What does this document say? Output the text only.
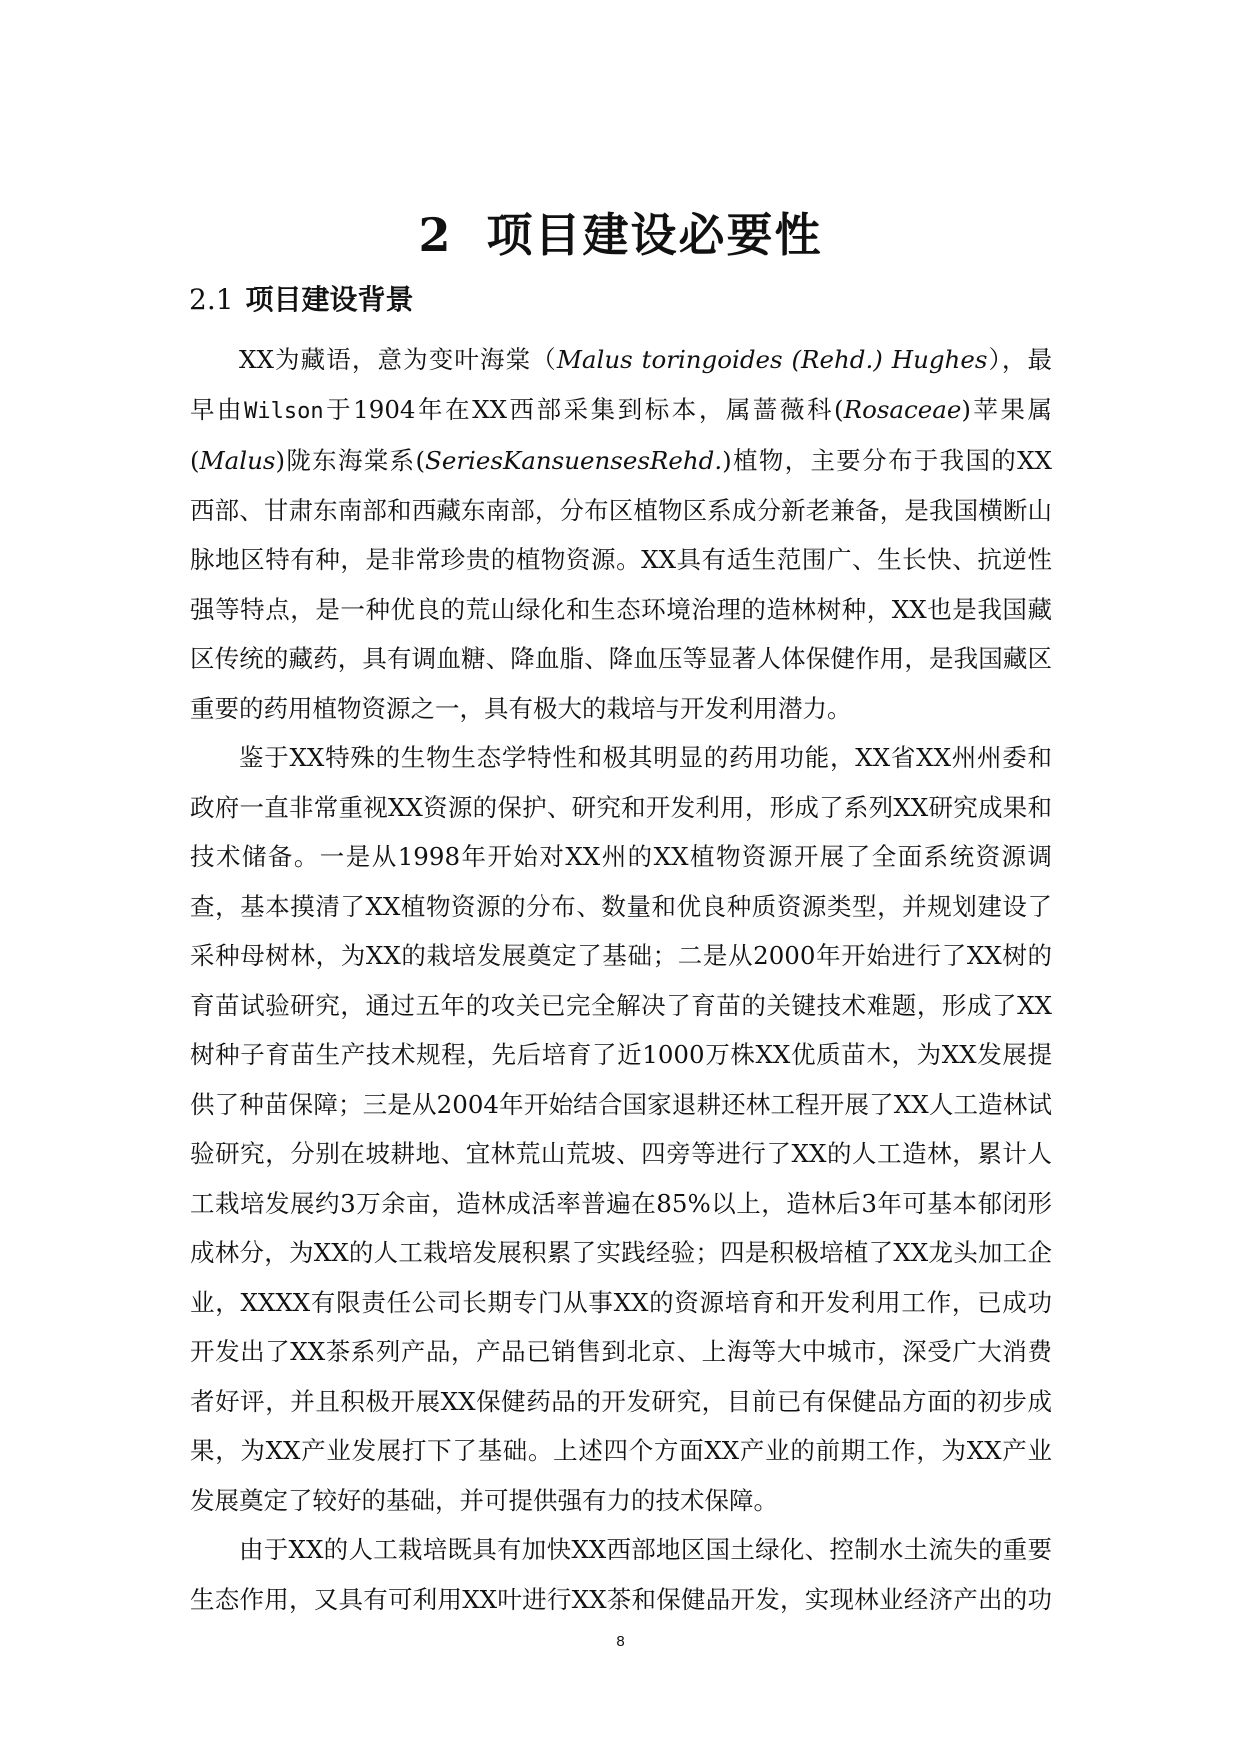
2 项目建设必要性
2.1 项目建设背景

XX为藏语，意为变叶海棠（Malus toringoides (Rehd.) Hughes），最早由Wilson于1904年在XX西部采集到标本，属蔷薇科(Rosaceae)苹果属(Malus)陇东海棠系(SeriesKansuensesRehd.)植物，主要分布于我国的XX西部、甘肃东南部和西藏东南部，分布区植物区系成分新老兼备，是我国横断山脉地区特有种，是非常珍贵的植物资源。XX具有适生范围广、生长快、抗逆性强等特点，是一种优良的荒山绿化和生态环境治理的造林树种，XX也是我国藏区传统的藏药，具有调血糖、降血脂、降血压等显著人体保健作用，是我国藏区重要的药用植物资源之一，具有极大的栽培与开发利用潜力。

鉴于XX特殊的生物生态学特性和极其明显的药用功能，XX省XX州州委和政府一直非常重视XX资源的保护、研究和开发利用，形成了系列XX研究成果和技术储备。一是从1998年开始对XX州的XX植物资源开展了全面系统资源调查，基本摸清了XX植物资源的分布、数量和优良种质资源类型，并规划建设了采种母树林，为XX的栽培发展奠定了基础；二是从2000年开始进行了XX树的育苗试验研究，通过五年的攻关已完全解决了育苗的关键技术难题，形成了XX树种子育苗生产技术规程，先后培育了近1000万株XX优质苗木，为XX发展提供了种苗保障；三是从2004年开始结合国家退耕还林工程开展了XX人工造林试验研究，分别在坡耕地、宜林荒山荒坡、四旁等进行了XX的人工造林，累计人工栽培发展约3万余亩，造林成活率普遍在85%以上，造林后3年可基本郁闭形成林分，为XX的人工栽培发展积累了实践经验；四是积极培植了XX龙头加工企业，XXXX有限责任公司长期专门从事XX的资源培育和开发利用工作，已成功开发出了XX茶系列产品，产品已销售到北京、上海等大中城市，深受广大消费者好评，并且积极开展XX保健药品的开发研究，目前已有保健品方面的初步成果，为XX产业发展打下了基础。上述四个方面XX产业的前期工作，为XX产业发展奠定了较好的基础，并可提供强有力的技术保障。

由于XX的人工栽培既具有加快XX西部地区国土绿化、控制水土流失的重要生态作用，又具有可利用XX叶进行XX茶和保健品开发，实现林业经济产出的功

8
